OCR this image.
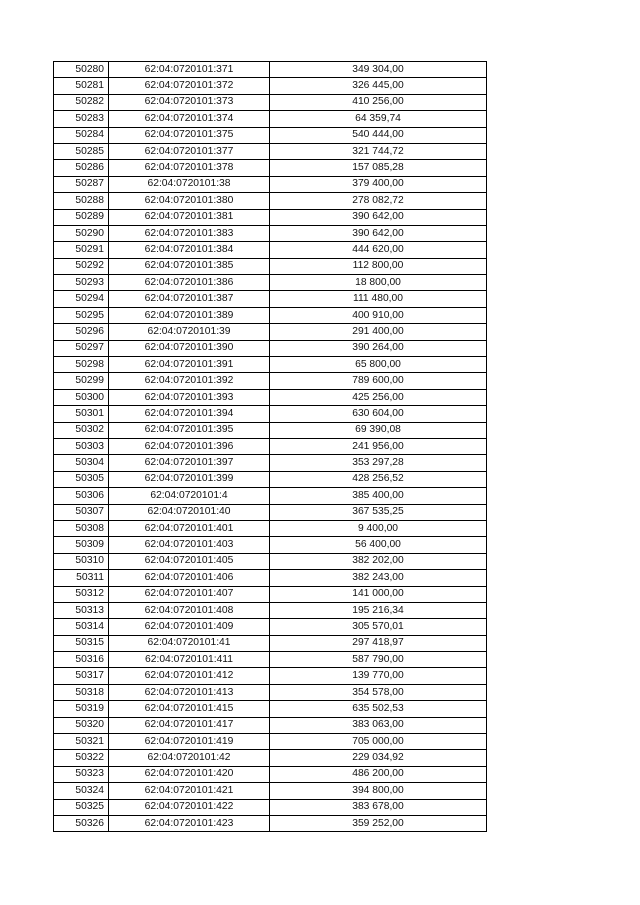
50280	62:04:0720101:371	349 304,00
50281	62:04:0720101:372	326 445,00
50282	62:04:0720101:373	410 256,00
50283	62:04:0720101:374	64 359,74
50284	62:04:0720101:375	540 444,00
50285	62:04:0720101:377	321 744,72
50286	62:04:0720101:378	157 085,28
50287	62:04:0720101:38	379 400,00
50288	62:04:0720101:380	278 082,72
50289	62:04:0720101:381	390 642,00
50290	62:04:0720101:383	390 642,00
50291	62:04:0720101:384	444 620,00
50292	62:04:0720101:385	112 800,00
50293	62:04:0720101:386	18 800,00
50294	62:04:0720101:387	111 480,00
50295	62:04:0720101:389	400 910,00
50296	62:04:0720101:39	291 400,00
50297	62:04:0720101:390	390 264,00
50298	62:04:0720101:391	65 800,00
50299	62:04:0720101:392	789 600,00
50300	62:04:0720101:393	425 256,00
50301	62:04:0720101:394	630 604,00
50302	62:04:0720101:395	69 390,08
50303	62:04:0720101:396	241 956,00
50304	62:04:0720101:397	353 297,28
50305	62:04:0720101:399	428 256,52
50306	62:04:0720101:4	385 400,00
50307	62:04:0720101:40	367 535,25
50308	62:04:0720101:401	9 400,00
50309	62:04:0720101:403	56 400,00
50310	62:04:0720101:405	382 202,00
50311	62:04:0720101:406	382 243,00
50312	62:04:0720101:407	141 000,00
50313	62:04:0720101:408	195 216,34
50314	62:04:0720101:409	305 570,01
50315	62:04:0720101:41	297 418,97
50316	62:04:0720101:411	587 790,00
50317	62:04:0720101:412	139 770,00
50318	62:04:0720101:413	354 578,00
50319	62:04:0720101:415	635 502,53
50320	62:04:0720101:417	383 063,00
50321	62:04:0720101:419	705 000,00
50322	62:04:0720101:42	229 034,92
50323	62:04:0720101:420	486 200,00
50324	62:04:0720101:421	394 800,00
50325	62:04:0720101:422	383 678,00
50326	62:04:0720101:423	359 252,00
